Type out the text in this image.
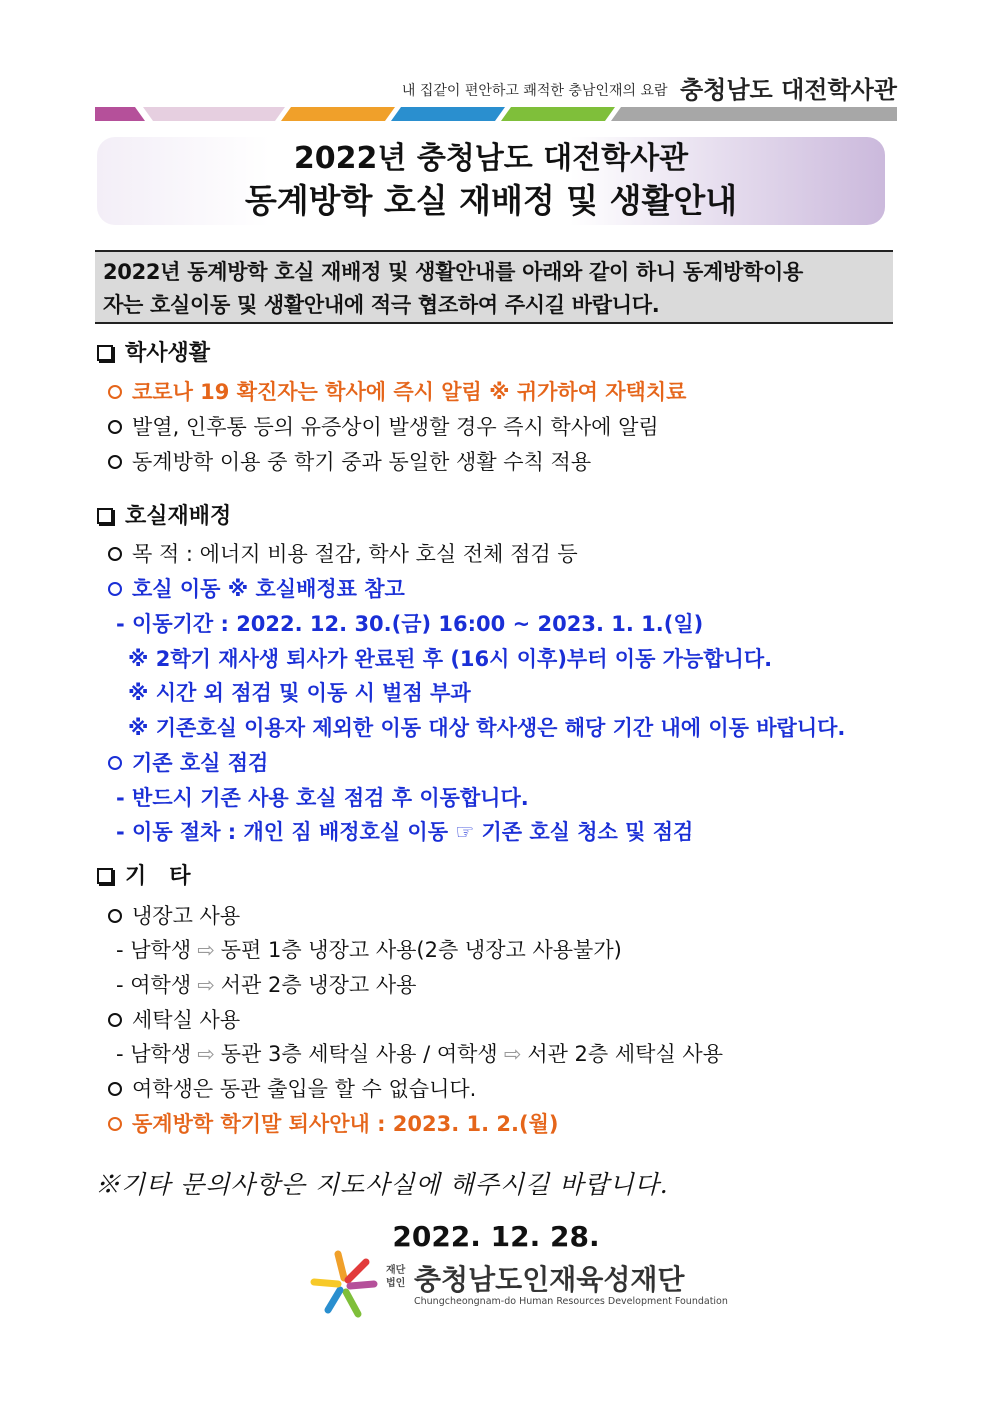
내 집같이 편안하고 쾌적한 충남인재의 요람 충청남도 대전학사관
2022년 충청남도 대전학사관
동계방학 호실 재배정 및 생활안내
2022년 동계방학 호실 재배정 및 생활안내를 아래와 같이 하니 동계방학이용
자는 호실이동 및 생활안내에 적극 협조하여 주시길 바랍니다.
학사생활
코로나 19 확진자는 학사에 즉시 알림 ※ 귀가하여 자택치료
발열, 인후통 등의 유증상이 발생할 경우 즉시 학사에 알림
동계방학 이용 중 학기 중과 동일한 생활 수칙 적용
호실재배정
목 적 : 에너지 비용 절감, 학사 호실 전체 점검 등
호실 이동 ※ 호실배정표 참고
- 이동기간 : 2022. 12. 30.(금) 16:00 ~ 2023. 1. 1.(일)
※ 2학기 재사생 퇴사가 완료된 후 (16시 이후)부터 이동 가능합니다.
※ 시간 외 점검 및 이동 시 벌점 부과
※ 기존호실 이용자 제외한 이동 대상 학사생은 해당 기간 내에 이동 바랍니다.
기존 호실 점검
- 반드시 기존 사용 호실 점검 후 이동합니다.
- 이동 절차 : 개인 짐 배정호실 이동 ☞ 기존 호실 청소 및 점검
기   타
냉장고 사용
- 남학생 ⇨ 동편 1층 냉장고 사용(2층 냉장고 사용불가)
- 여학생 ⇨ 서관 2층 냉장고 사용
세탁실 사용
- 남학생 ⇨ 동관 3층 세탁실 사용 / 여학생 ⇨ 서관 2층 세탁실 사용
여학생은 동관 출입을 할 수 없습니다.
동계방학 학기말 퇴사안내 : 2023. 1. 2.(월)
※기타 문의사항은 지도사실에 해주시길 바랍니다.
2022. 12. 28.
재단
법인 충청남도인재육성재단
Chungcheongnam-do Human Resources Development Foundation
